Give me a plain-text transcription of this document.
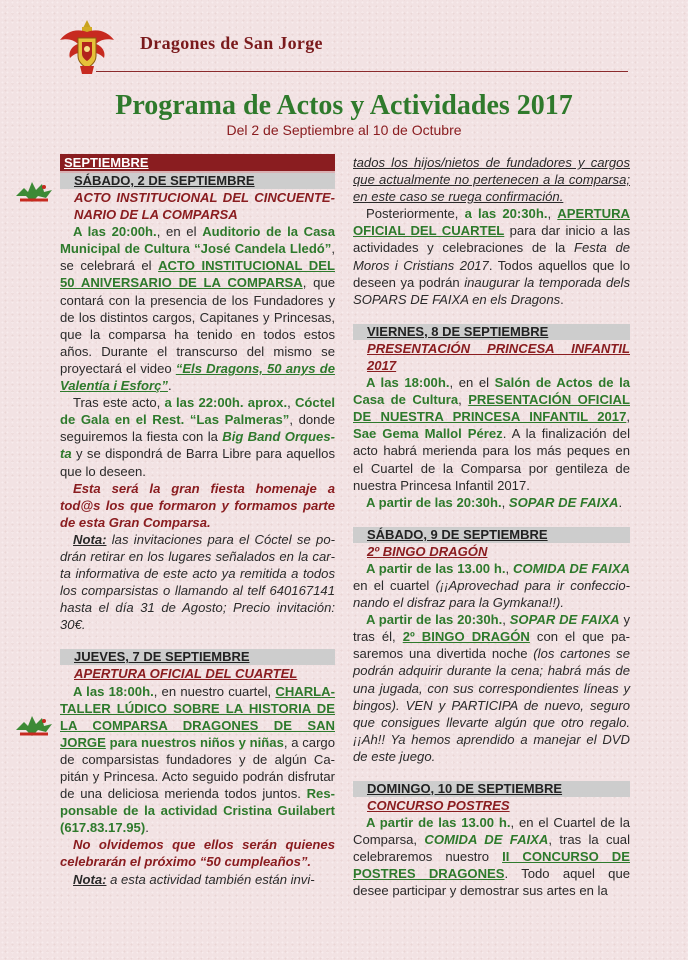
Dragones de San Jorge
Programa de Actos y Actividades 2017
Del 2 de Septiembre al 10 de Octubre
SEPTIEMBRE
SÁBADO, 2 DE SEPTIEMBRE
ACTO INSTITUCIONAL DEL CINCUENTENARIO DE LA COMPARSA

A las 20:00h., en el Auditorio de la Casa Municipal de Cultura “José Candela Lledó”, se celebrará el ACTO INSTITUCIONAL DEL 50 ANIVERSARIO DE LA COMPARSA, que contará con la presencia de los Fundadores y de los distintos cargos, Capitanes y Princesas, que la comparsa ha tenido en todos estos años. Durante el transcurso del mismo se proyectará el video “Els Dragons, 50 anys de Valentía i Esforç”.

Tras este acto, a las 22:00h. aprox., Cóctel de Gala en el Rest. “Las Palmeras”, donde seguiremos la fiesta con la Big Band Orquesta y se dispondrá de Barra Libre para aquellos que lo deseen.

Esta será la gran fiesta homenaje a tod@s los que formaron y formamos parte de esta Gran Comparsa.

Nota: las invitaciones para el Cóctel se podrán retirar en los lugares señalados en la carta informativa de este acto ya remitida a todos los comparsistas o llamando al telf 640167141 hasta el día 31 de Agosto; Precio invitación: 30€.

JUEVES, 7 DE SEPTIEMBRE
APERTURA OFICIAL DEL CUARTEL

A las 18:00h., en nuestro cuartel, CHARLA-TALLER LÚDICO SOBRE LA HISTORIA DE LA COMPARSA DRAGONES DE SAN JORGE para nuestros niños y niñas, a cargo de comparsistas fundadores y de algún Capitán y Princesa. Acto seguido podrán disfrutar de una deliciosa merienda todos juntos. Responsable de la actividad Cristina Guilabert (617.83.17.95).

No olvidemos que ellos serán quienes celebrarán el próximo “50 cumpleaños”.

Nota: a esta actividad también están invi-

tados los hijos/nietos de fundadores y cargos que actualmente no pertenecen a la comparsa; en este caso se ruega confirmación.

Posteriormente, a las 20:30h., APERTURA OFICIAL DEL CUARTEL para dar inicio a las actividades y celebraciones de la Festa de Moros i Cristians 2017. Todos aquellos que lo deseen ya podrán inaugurar la temporada dels SOPARS DE FAIXA en els Dragons.

VIERNES, 8 DE SEPTIEMBRE
PRESENTACIÓN PRINCESA INFANTIL 2017

A las 18:00h., en el Salón de Actos de la Casa de Cultura, PRESENTACIÓN OFICIAL DE NUESTRA PRINCESA INFANTIL 2017, Sae Gema Mallol Pérez. A la finalización del acto habrá merienda para los más peques en el Cuartel de la Comparsa por gentileza de nuestra Princesa Infantil 2017.

A partir de las 20:30h., SOPAR DE FAIXA.

SÁBADO, 9 DE SEPTIEMBRE
2º BINGO DRAGÓN

A partir de las 13.00 h., COMIDA DE FAIXA en el cuartel (¡¡Aprovechad para ir confeccionando el disfraz para la Gymkana!!).

A partir de las 20:30h., SOPAR DE FAIXA y tras él, 2º BINGO DRAGÓN con el que pasaremos una divertida noche (los cartones se podrán adquirir durante la cena; habrá más de una jugada, con sus correspondientes líneas y bingos). VEN y PARTICIPA de nuevo, seguro que consigues llevarte algún que otro regalo. ¡¡Ah!! Ya hemos aprendido a manejar el DVD de este juego.

DOMINGO, 10 DE SEPTIEMBRE
CONCURSO POSTRES

A partir de las 13.00 h., en el Cuartel de la Comparsa, COMIDA DE FAIXA, tras la cual celebraremos nuestro II CONCURSO DE POSTRES DRAGONES. Todo aquel que desee participar y demostrar sus artes en la
